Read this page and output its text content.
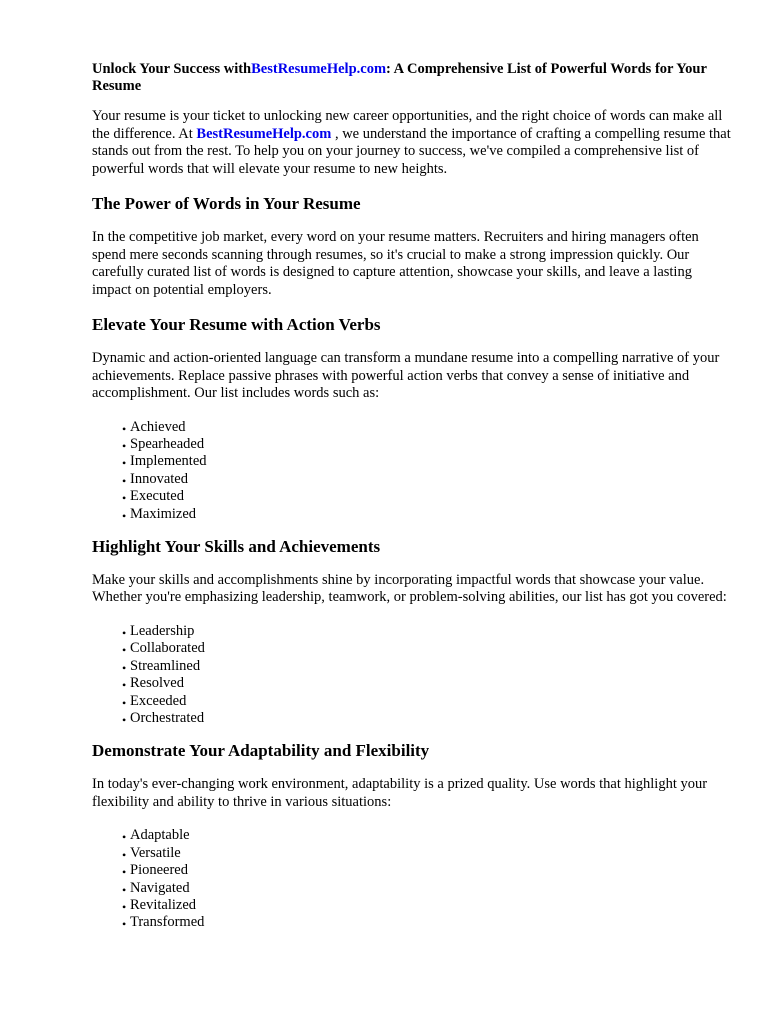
Unlock Your Success withBestResumeHelp.com: A Comprehensive List of Powerful Words for Your Resume

Your resume is your ticket to unlocking new career opportunities, and the right choice of words can make all the difference. At BestResumeHelp.com , we understand the importance of crafting a compelling resume that stands out from the rest. To help you on your journey to success, we've compiled a comprehensive list of powerful words that will elevate your resume to new heights.

The Power of Words in Your Resume

In the competitive job market, every word on your resume matters. Recruiters and hiring managers often spend mere seconds scanning through resumes, so it's crucial to make a strong impression quickly. Our carefully curated list of words is designed to capture attention, showcase your skills, and leave a lasting impact on potential employers.

Elevate Your Resume with Action Verbs

Dynamic and action-oriented language can transform a mundane resume into a compelling narrative of your achievements. Replace passive phrases with powerful action verbs that convey a sense of initiative and accomplishment. Our list includes words such as:

• Achieved
• Spearheaded
• Implemented
• Innovated
• Executed
• Maximized
Highlight Your Skills and Achievements

Make your skills and accomplishments shine by incorporating impactful words that showcase your value. Whether you're emphasizing leadership, teamwork, or problem-solving abilities, our list has got you covered:

• Leadership
• Collaborated
• Streamlined
• Resolved
• Exceeded
• Orchestrated
Demonstrate Your Adaptability and Flexibility

In today's ever-changing work environment, adaptability is a prized quality. Use words that highlight your flexibility and ability to thrive in various situations:

• Adaptable
• Versatile
• Pioneered
• Navigated
• Revitalized
• Transformed
